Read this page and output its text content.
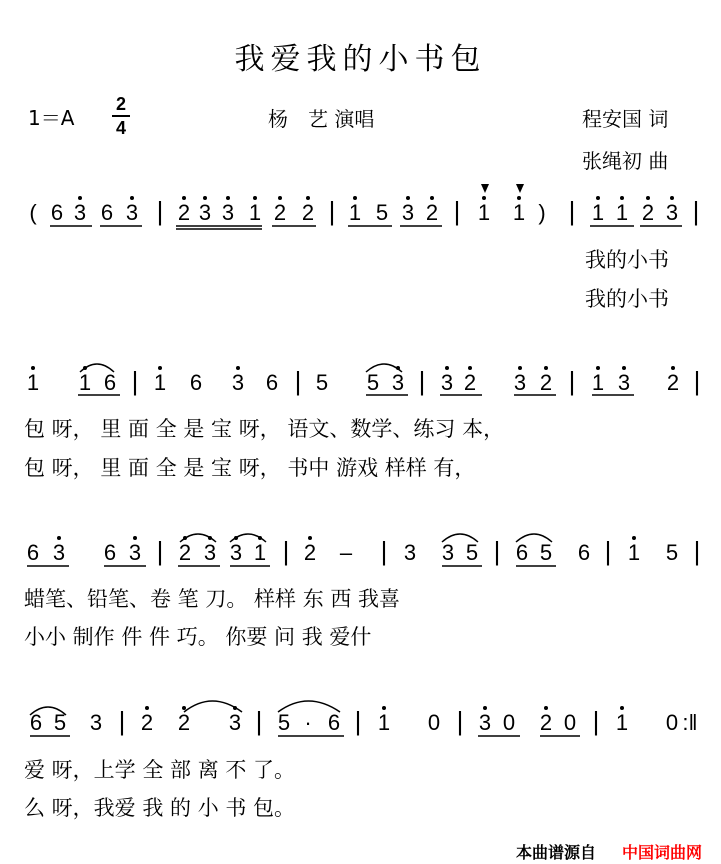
我爱我的小书包
1＝A
2
4	杨　艺 演唱	程安国 词
张绳初 曲
( 6 3 6 3 | 2 3 3 1 2 2 | 1 5 3 2 | 1 1 ) | 1 1 2 3 |
1 1 6 | 1 6 3 6 | 5 5 3 | 3 2 3 2 | 1 3 2 |
6 3 6 3 | 2 3 3 1 | 2 – | 3 3 5 | 6 5 6 | 1 5 |
6 5 3 | 2 2 3 | 5 · 6 | 1 0 | 3 0 2 0 | 1 0 :‖
我的小书
我的小书
包 呀， 里 面 全 是 宝 呀， 语文、数学、练习 本，
包 呀， 里 面 全 是 宝 呀， 书中 游戏 样样 有，
蜡笔、铅笔、卷 笔 刀。 样样 东 西 我喜
小小 制作 件 件 巧。 你要 问 我 爱什
爱 呀，上学 全 部 离 不 了。
么 呀，我爱 我 的 小 书 包。
本曲谱源自 中国词曲网
